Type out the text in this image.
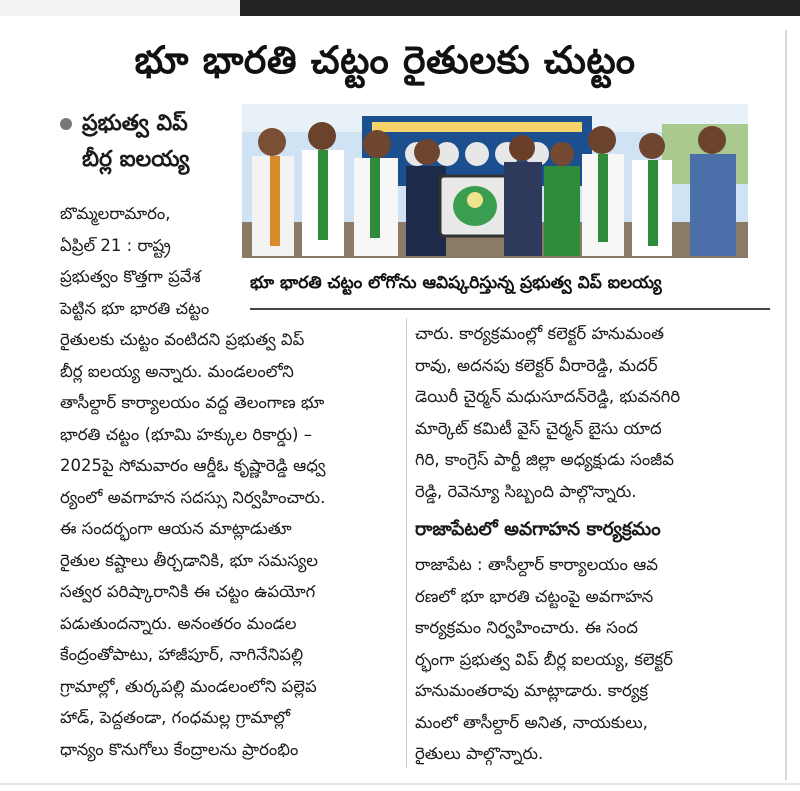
భూ భారతి చట్టం రైతులకు చుట్టం
ప్రభుత్వ విప్
బీర్ల ఐలయ్య
భూ భారతి చట్టం లోగోను ఆవిష్కరిస్తున్న ప్రభుత్వ విప్ ఐలయ్య
బొమ్మలరామారం,
ఏప్రిల్ 21 : రాష్ట్ర
ప్రభుత్వం కొత్తగా ప్రవేశ
పెట్టిన భూ భారతి చట్టం
రైతులకు చుట్టం వంటిదని ప్రభుత్వ విప్
బీర్ల ఐలయ్య అన్నారు. మండలంలోని
తాసీల్దార్ కార్యాలయం వద్ద తెలంగాణ భూ
భారతి చట్టం (భూమి హక్కుల రికార్డు) –
2025పై సోమవారం ఆర్డీఓ కృష్ణారెడ్డి ఆధ్వ
ర్యంలో అవగాహన సదస్సు నిర్వహించారు.
ఈ సందర్భంగా ఆయన మాట్లాడుతూ
రైతుల కష్టాలు తీర్చడానికి, భూ సమస్యల
సత్వర పరిష్కారానికి ఈ చట్టం ఉపయోగ
పడుతుందన్నారు. అనంతరం మండల
కేంద్రంతోపాటు, హాజీపూర్, నాగినేనిపల్లి
గ్రామాల్లో, తుర్కపల్లి మండలంలోని పల్లెప
హాడ్, పెద్దతండా, గంధమల్ల గ్రామాల్లో
ధాన్యం కొనుగోలు కేంద్రాలను ప్రారంభిం
చారు. కార్యక్రమంల్లో కలెక్టర్ హనుమంత
రావు, అదనపు కలెక్టర్ వీరారెడ్డి, మదర్
డెయిరీ చైర్మన్ మధుసూదన్‌రెడ్డి, భువనగిరి
మార్కెట్ కమిటీ వైస్ చైర్మన్ బైసు యాద
గిరి, కాంగ్రెస్ పార్టీ జిల్లా అధ్యక్షుడు సంజీవ
రెడ్డి, రెవెన్యూ సిబ్బంది పాల్గొన్నారు.
రాజాపేటలో అవగాహన కార్యక్రమం
రాజాపేట : తాసీల్దార్ కార్యాలయం ఆవ
రణలో భూ భారతి చట్టంపై అవగాహన
కార్యక్రమం నిర్వహించారు. ఈ సంద
ర్భంగా ప్రభుత్వ విప్ బీర్ల ఐలయ్య, కలెక్టర్
హనుమంతరావు మాట్లాడారు. కార్యక్ర
మంలో తాసీల్దార్ అనిత, నాయకులు,
రైతులు పాల్గొన్నారు.
